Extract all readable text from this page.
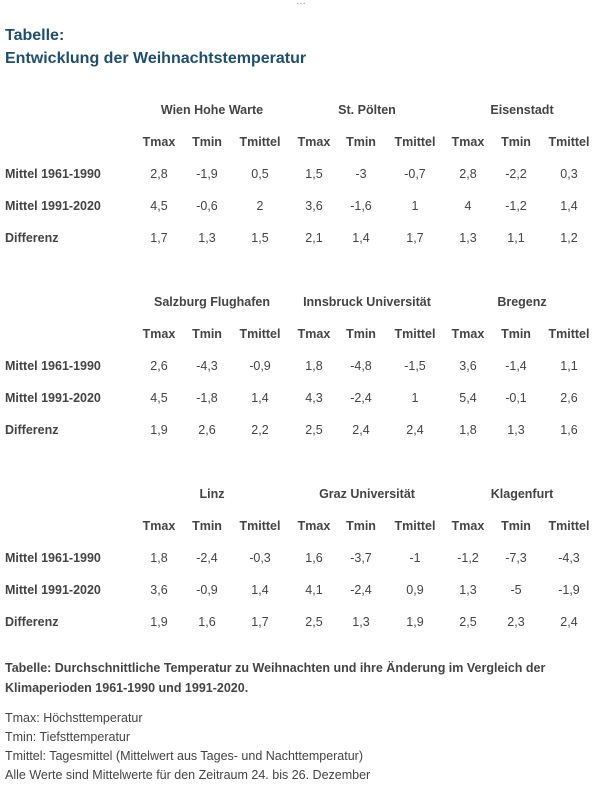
…
Tabelle:
Entwicklung der Weihnachtstemperatur
Wien Hohe Warte	St. Pölten	Eisenstadt
Tmax	Tmin	Tmittel	Tmax	Tmin	Tmittel	Tmax	Tmin	Tmittel
Mittel 1961-1990	2,8	-1,9	0,5	1,5	-3	-0,7	2,8	-2,2	0,3
Mittel 1991-2020	4,5	-0,6	2	3,6	-1,6	1	4	-1,2	1,4
Differenz	1,7	1,3	1,5	2,1	1,4	1,7	1,3	1,1	1,2
Salzburg Flughafen	Innsbruck Universität	Bregenz
Tmax	Tmin	Tmittel	Tmax	Tmin	Tmittel	Tmax	Tmin	Tmittel
Mittel 1961-1990	2,6	-4,3	-0,9	1,8	-4,8	-1,5	3,6	-1,4	1,1
Mittel 1991-2020	4,5	-1,8	1,4	4,3	-2,4	1	5,4	-0,1	2,6
Differenz	1,9	2,6	2,2	2,5	2,4	2,4	1,8	1,3	1,6
Linz	Graz Universität	Klagenfurt
Tmax	Tmin	Tmittel	Tmax	Tmin	Tmittel	Tmax	Tmin	Tmittel
Mittel 1961-1990	1,8	-2,4	-0,3	1,6	-3,7	-1	-1,2	-7,3	-4,3
Mittel 1991-2020	3,6	-0,9	1,4	4,1	-2,4	0,9	1,3	-5	-1,9
Differenz	1,9	1,6	1,7	2,5	1,3	1,9	2,5	2,3	2,4
Tabelle: Durchschnittliche Temperatur zu Weihnachten und ihre Änderung im Vergleich der Klimaperioden 1961-1990 und 1991-2020.
Tmax: Höchsttemperatur
Tmin: Tiefsttemperatur
Tmittel: Tagesmittel (Mittelwert aus Tages- und Nachttemperatur)
Alle Werte sind Mittelwerte für den Zeitraum 24. bis 26. Dezember
